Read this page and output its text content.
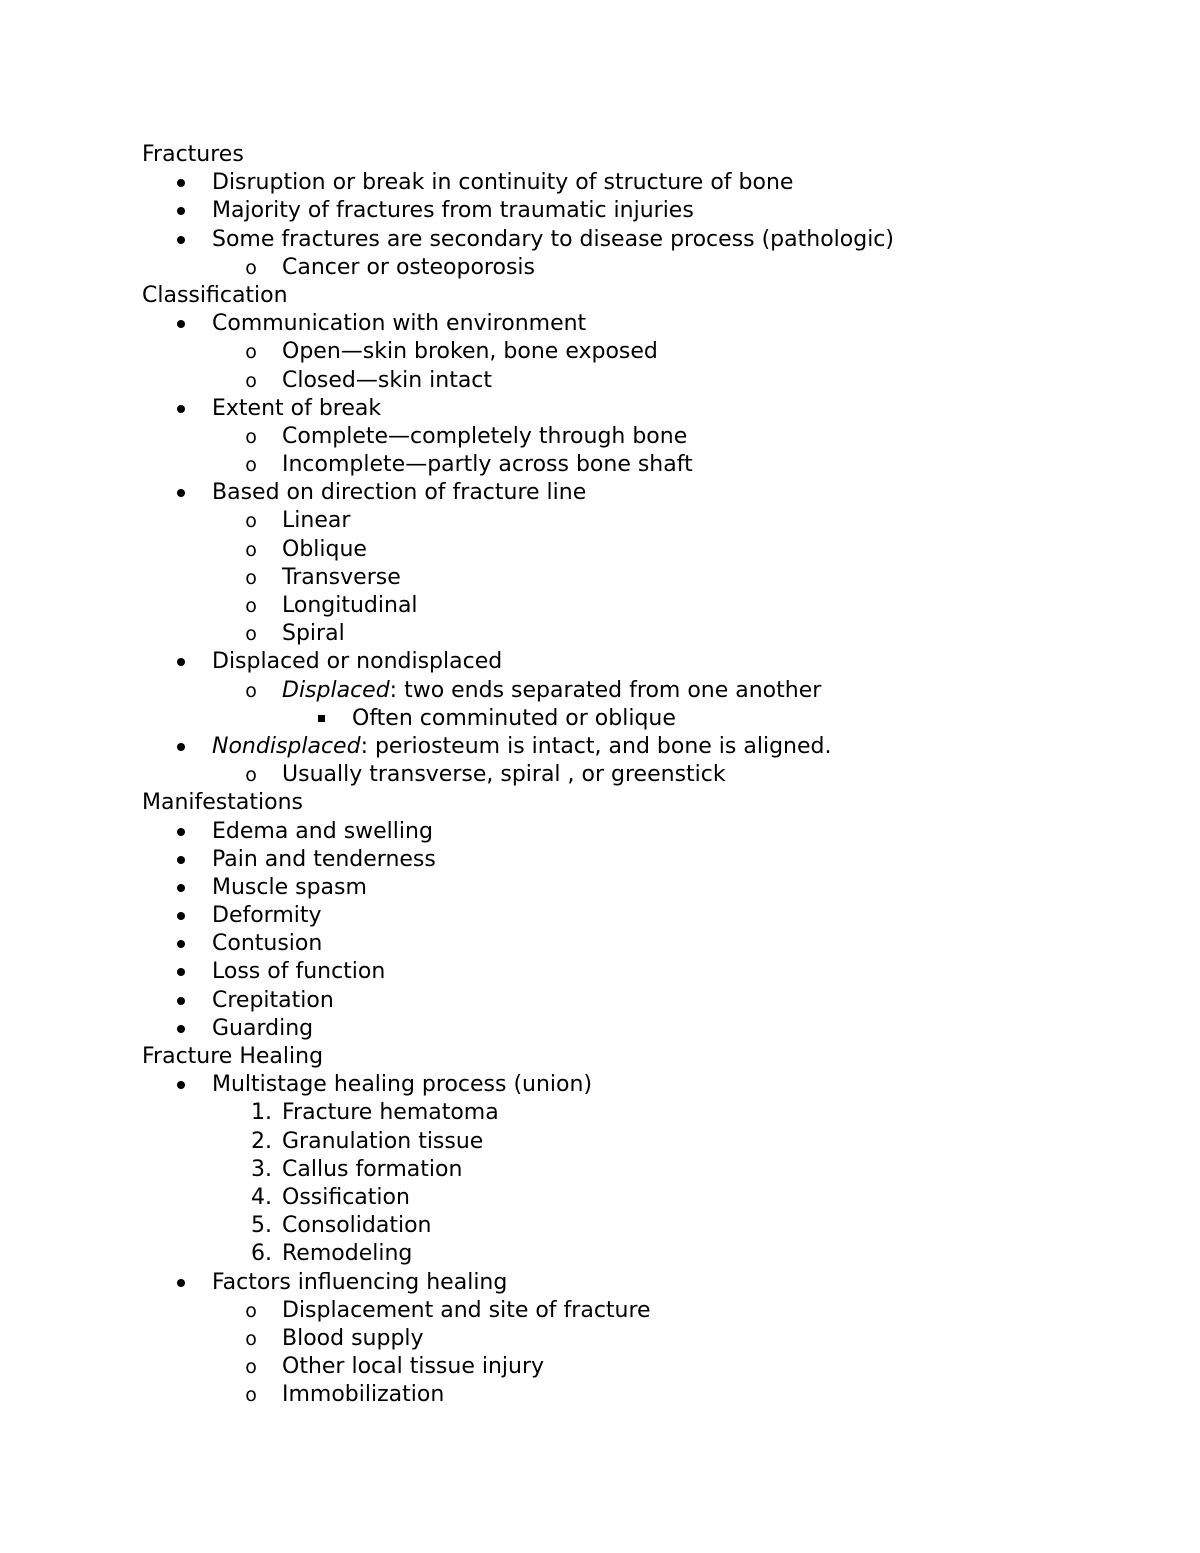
Fractures
Disruption or break in continuity of structure of bone
Majority of fractures from traumatic injuries
Some fractures are secondary to disease process (pathologic)
o	Cancer or osteoporosis
Classification
Communication with environment
o	Open—skin broken, bone exposed
o	Closed—skin intact
Extent of break
o	Complete—completely through bone
o	Incomplete—partly across bone shaft
Based on direction of fracture line
o	Linear
o	Oblique
o	Transverse
o	Longitudinal
o	Spiral
Displaced or nondisplaced
o	Displaced: two ends separated from one another
Often comminuted or oblique
Nondisplaced: periosteum is intact, and bone is aligned.
o	Usually transverse, spiral , or greenstick
Manifestations
Edema and swelling
Pain and tenderness
Muscle spasm
Deformity
Contusion
Loss of function
Crepitation
Guarding
Fracture Healing
Multistage healing process (union)
1. Fracture hematoma
2. Granulation tissue
3. Callus formation
4. Ossification
5. Consolidation
6. Remodeling
Factors influencing healing
o	Displacement and site of fracture
o	Blood supply
o	Other local tissue injury
o	Immobilization
